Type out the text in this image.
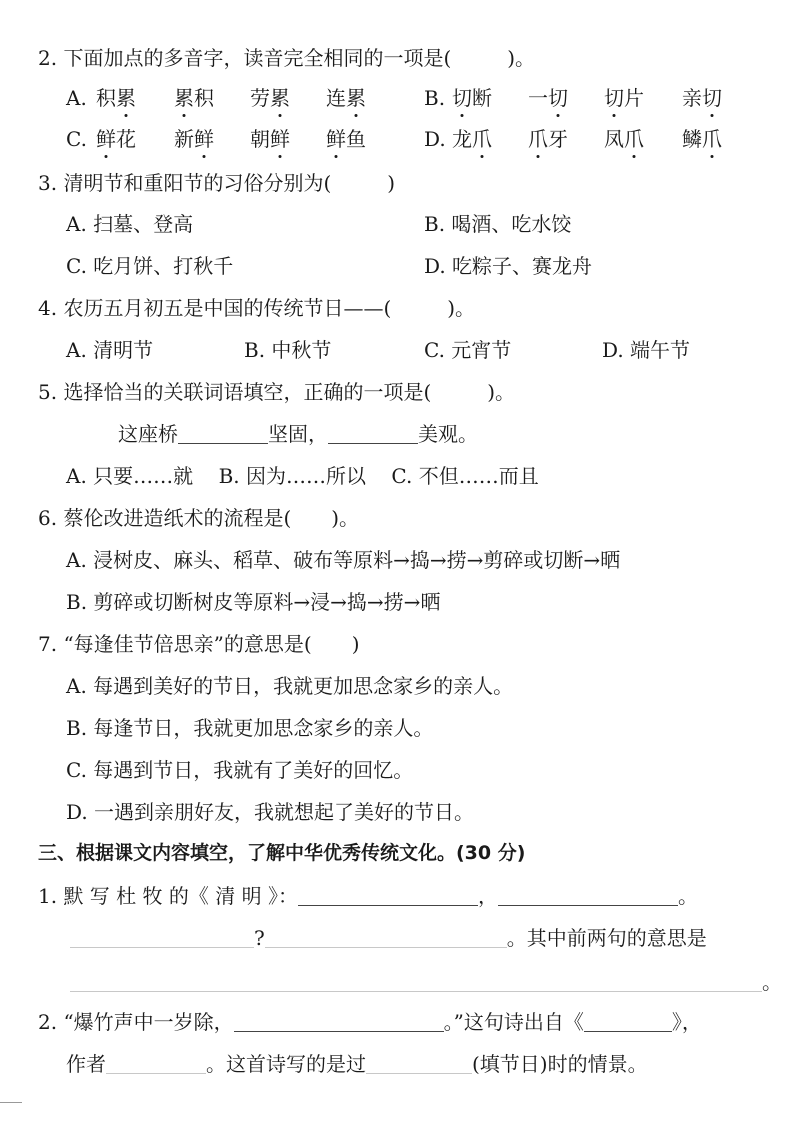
2. 下面加点的多音字，读音完全相同的一项是(	)。
A. 积累 累积 劳累 连累	B. 切断 一切 切片 亲切
C. 鲜花 新鲜 朝鲜 鲜鱼	D. 龙爪 爪牙 凤爪 鳞爪
3. 清明节和重阳节的习俗分别为(	)
A. 扫墓、登高	B. 喝酒、吃水饺
C. 吃月饼、打秋千	D. 吃粽子、赛龙舟
4. 农历五月初五是中国的传统节日——(	)。
A. 清明节	B. 中秋节	C. 元宵节	D. 端午节
5. 选择恰当的关联词语填空，正确的一项是(	)。
这座桥	坚固，	美观。
A. 只要……就    B. 因为……所以    C. 不但……而且
6. 蔡伦改进造纸术的流程是( )。
A. 浸树皮、麻头、稻草、破布等原料→捣→捞→剪碎或切断→晒
B. 剪碎或切断树皮等原料→浸→捣→捞→晒
7. “每逢佳节倍思亲”的意思是( )
A. 每遇到美好的节日，我就更加思念家乡的亲人。
B. 每逢节日，我就更加思念家乡的亲人。
C. 每遇到节日，我就有了美好的回忆。
D. 一遇到亲朋好友，我就想起了美好的节日。
三、根据课文内容填空，了解中华优秀传统文化。(30 分)
1. 默 写 杜 牧 的《 清 明 》：	，	。
?	。其中前两句的意思是
。
2. “爆竹声中一岁除，	。”这句诗出自《	》，
作者	。这首诗写的是过	(填节日)时的情景。
